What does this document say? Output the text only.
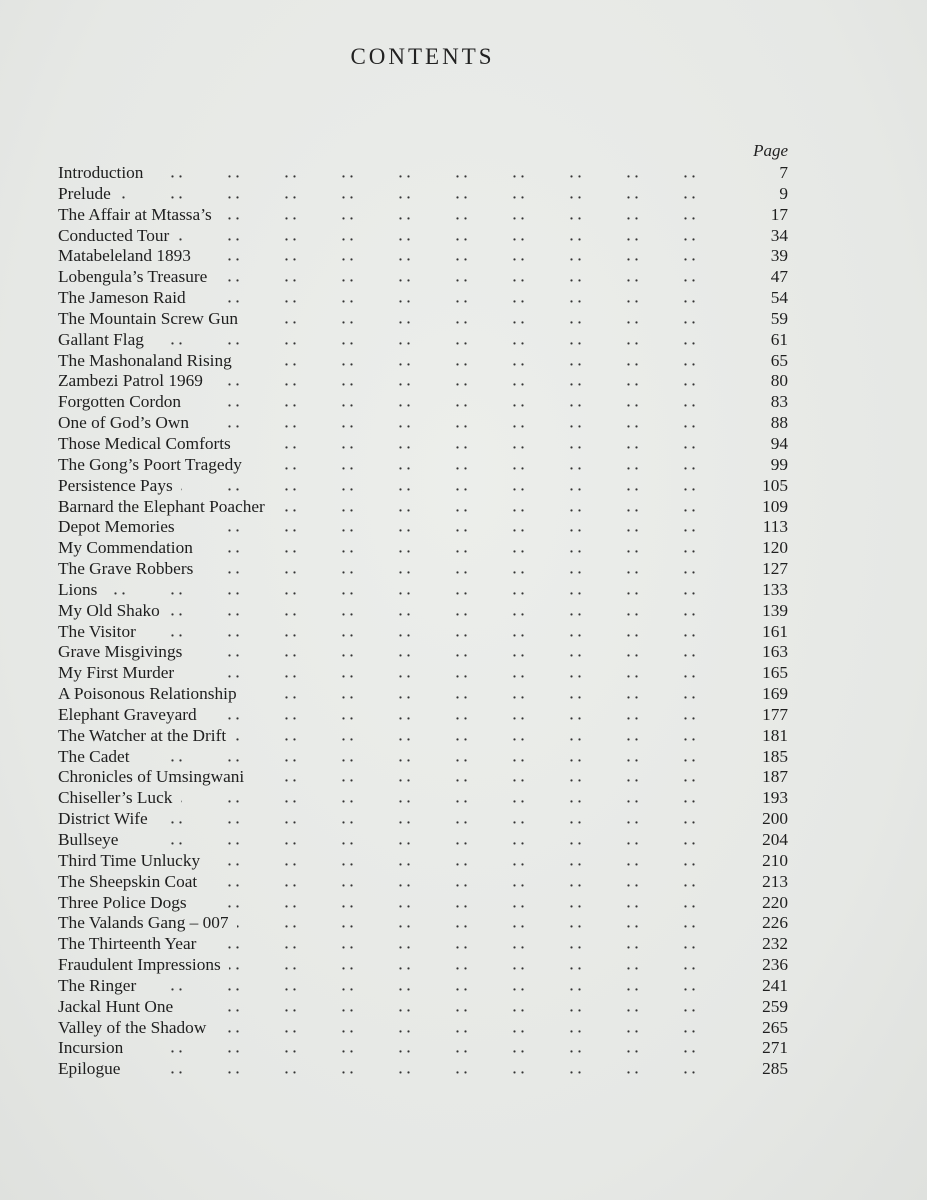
CONTENTS
Page
Introduction	7
Prelude	9
The Affair at Mtassa’s	17
Conducted Tour	34
Matabeleland 1893	39
Lobengula’s Treasure	47
The Jameson Raid	54
The Mountain Screw Gun	59
Gallant Flag	61
The Mashonaland Rising	65
Zambezi Patrol 1969	80
Forgotten Cordon	83
One of God’s Own	88
Those Medical Comforts	94
The Gong’s Poort Tragedy	99
Persistence Pays	105
Barnard the Elephant Poacher	109
Depot Memories	113
My Commendation	120
The Grave Robbers	127
Lions	133
My Old Shako	139
The Visitor	161
Grave Misgivings	163
My First Murder	165
A Poisonous Relationship	169
Elephant Graveyard	177
The Watcher at the Drift	181
The Cadet	185
Chronicles of Umsingwani	187
Chiseller’s Luck	193
District Wife	200
Bullseye	204
Third Time Unlucky	210
The Sheepskin Coat	213
Three Police Dogs	220
The Valands Gang – 007	226
The Thirteenth Year	232
Fraudulent Impressions	236
The Ringer	241
Jackal Hunt One	259
Valley of the Shadow	265
Incursion	271
Epilogue	285
